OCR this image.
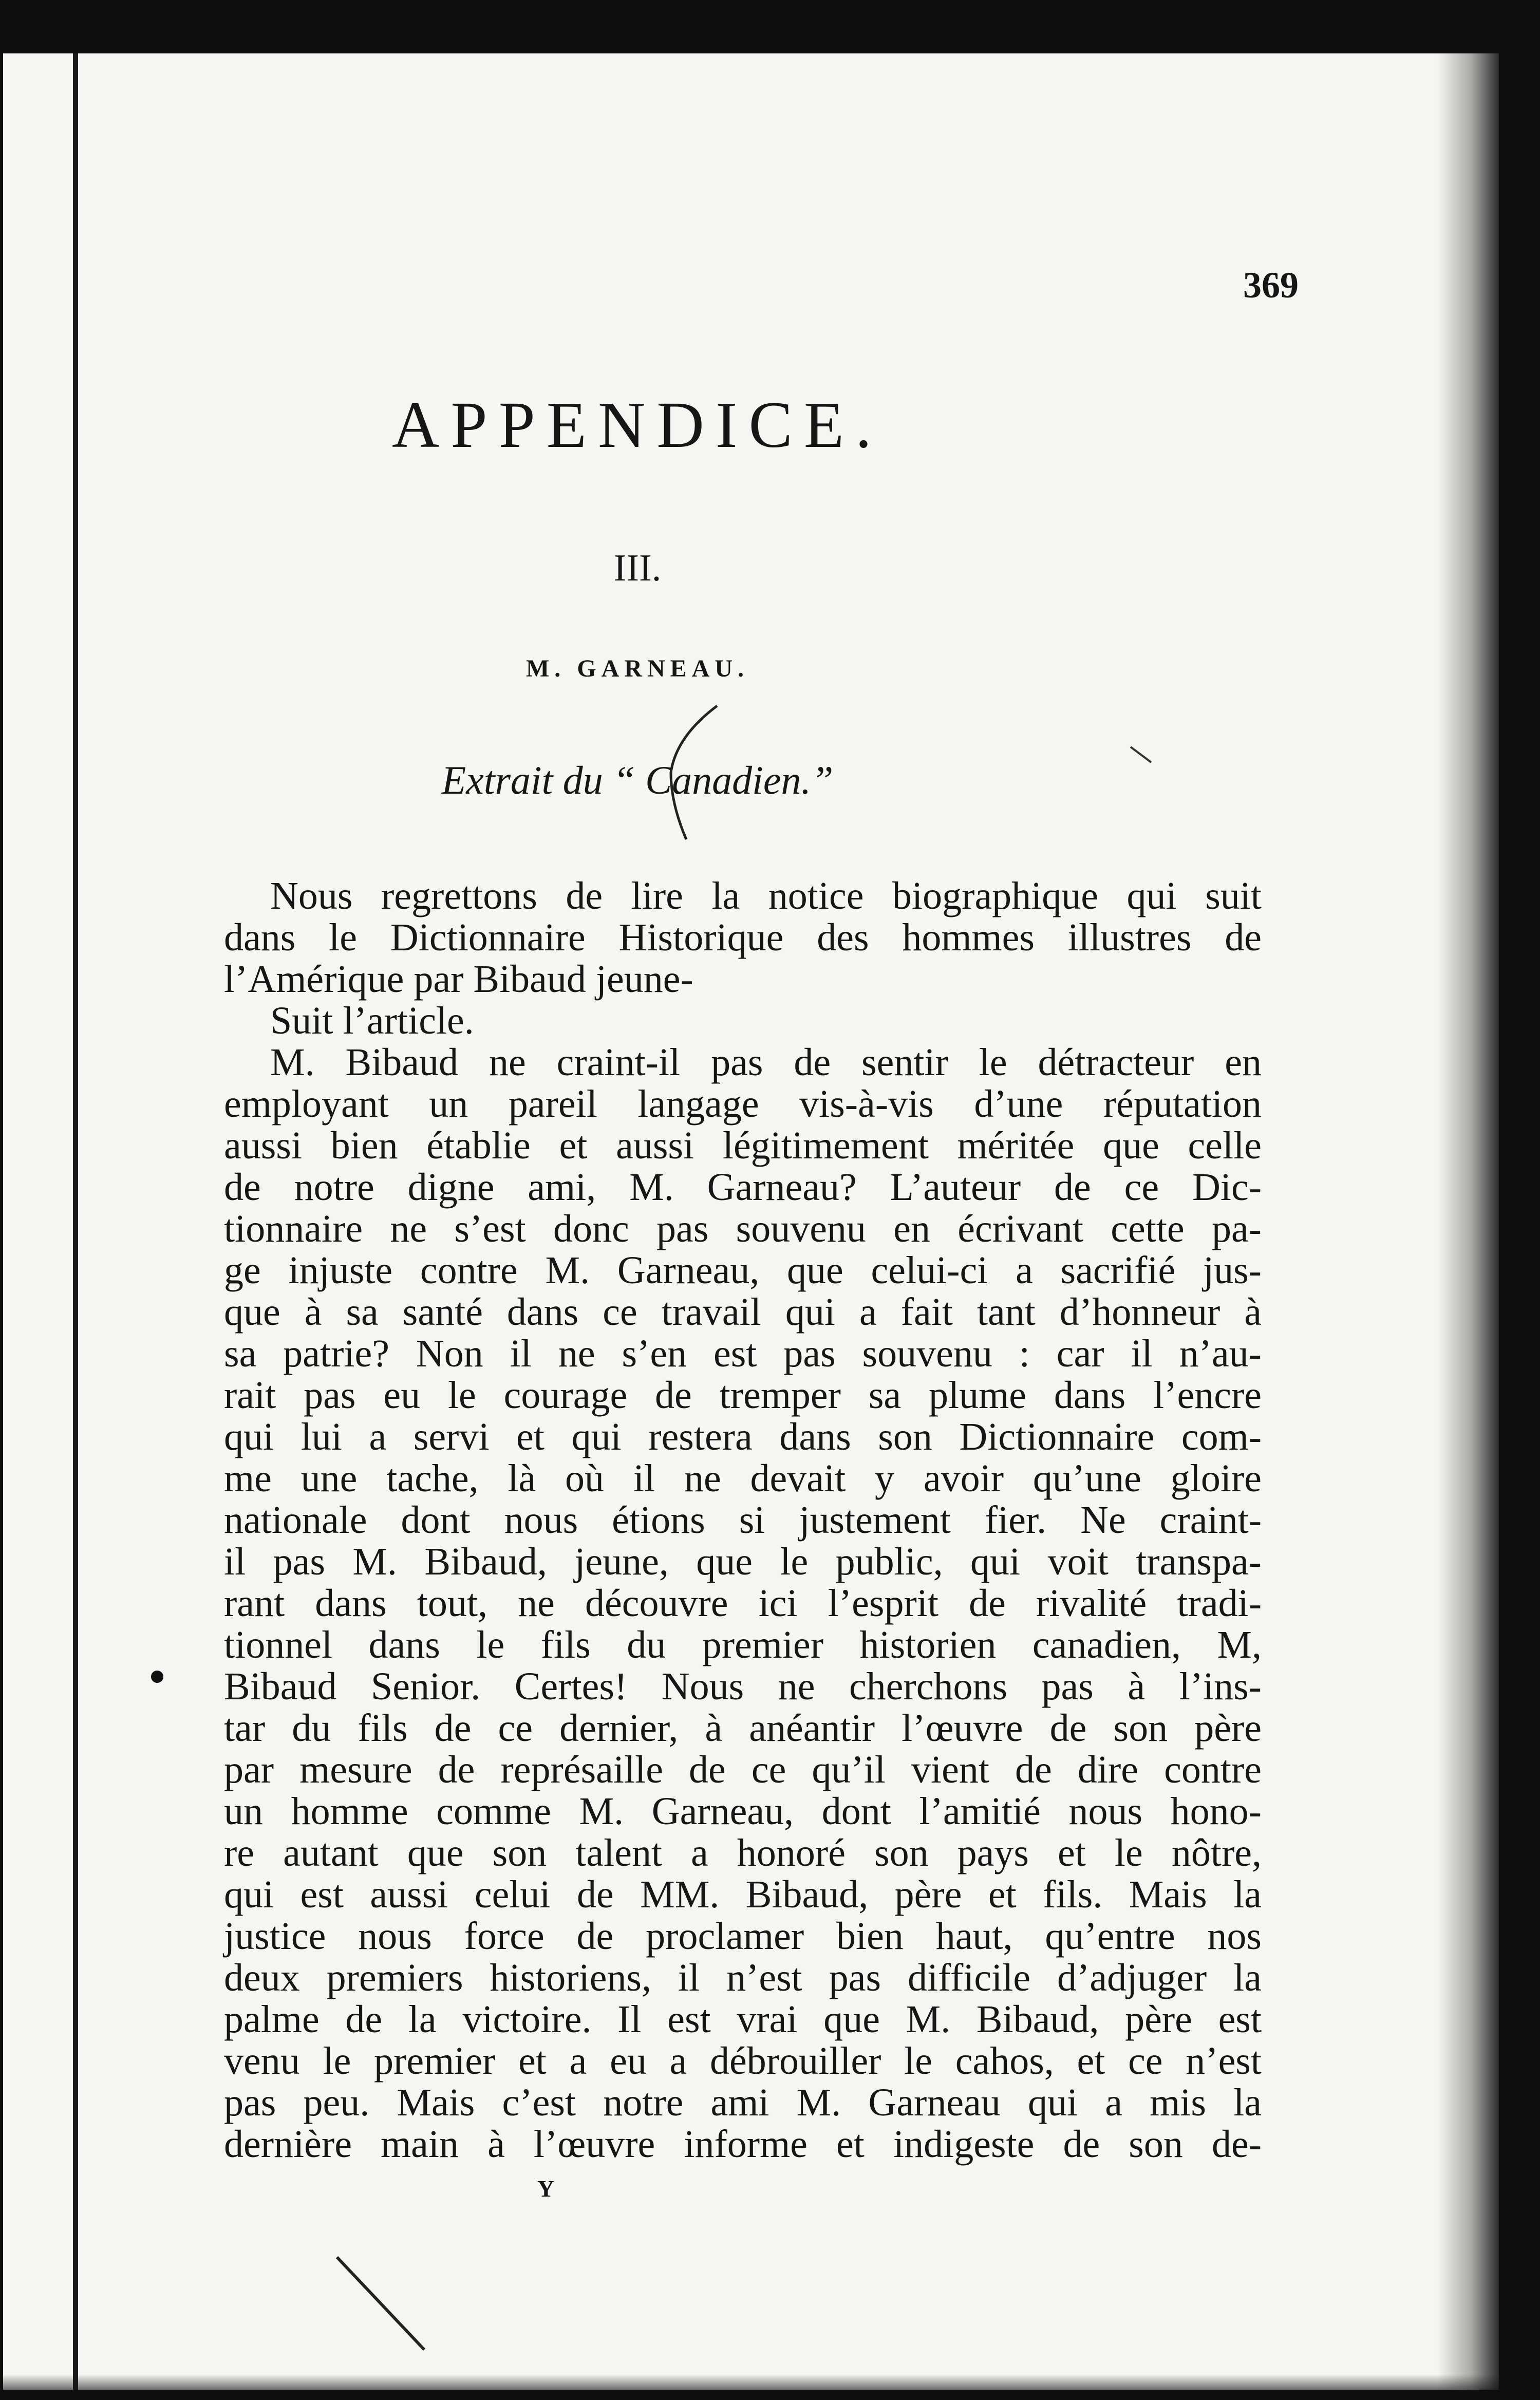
369
APPENDICE.
III.
M. GARNEAU.
Extrait du “ Canadien.”
Nous regrettons de lire la notice biographique qui suit
dans le Dictionnaire Historique des hommes illustres de
l’Amérique par Bibaud jeune-
Suit l’article.
M. Bibaud ne craint-il pas de sentir le détracteur en
employant un pareil langage vis-à-vis d’une réputation
aussi bien établie et aussi légitimement méritée que celle
de notre digne ami, M. Garneau? L’auteur de ce Dic-
tionnaire ne s’est donc pas souvenu en écrivant cette pa-
ge injuste contre M. Garneau, que celui-ci a sacrifié jus-
que à sa santé dans ce travail qui a fait tant d’honneur à
sa patrie? Non il ne s’en est pas souvenu : car il n’au-
rait pas eu le courage de tremper sa plume dans l’encre
qui lui a servi et qui restera dans son Dictionnaire com-
me une tache, là où il ne devait y avoir qu’une gloire
nationale dont nous étions si justement fier. Ne craint-
il pas M. Bibaud, jeune, que le public, qui voit transpa-
rant dans tout, ne découvre ici l’esprit de rivalité tradi-
tionnel dans le fils du premier historien canadien, M,
Bibaud Senior. Certes! Nous ne cherchons pas à l’ins-
tar du fils de ce dernier, à anéantir l’œuvre de son père
par mesure de représaille de ce qu’il vient de dire contre
un homme comme M. Garneau, dont l’amitié nous hono-
re autant que son talent a honoré son pays et le nôtre,
qui est aussi celui de MM. Bibaud, père et fils. Mais la
justice nous force de proclamer bien haut, qu’entre nos
deux premiers historiens, il n’est pas difficile d’adjuger la
palme de la victoire. Il est vrai que M. Bibaud, père est
venu le premier et a eu a débrouiller le cahos, et ce n’est
pas peu. Mais c’est notre ami M. Garneau qui a mis la
dernière main à l’œuvre informe et indigeste de son de-
Y
